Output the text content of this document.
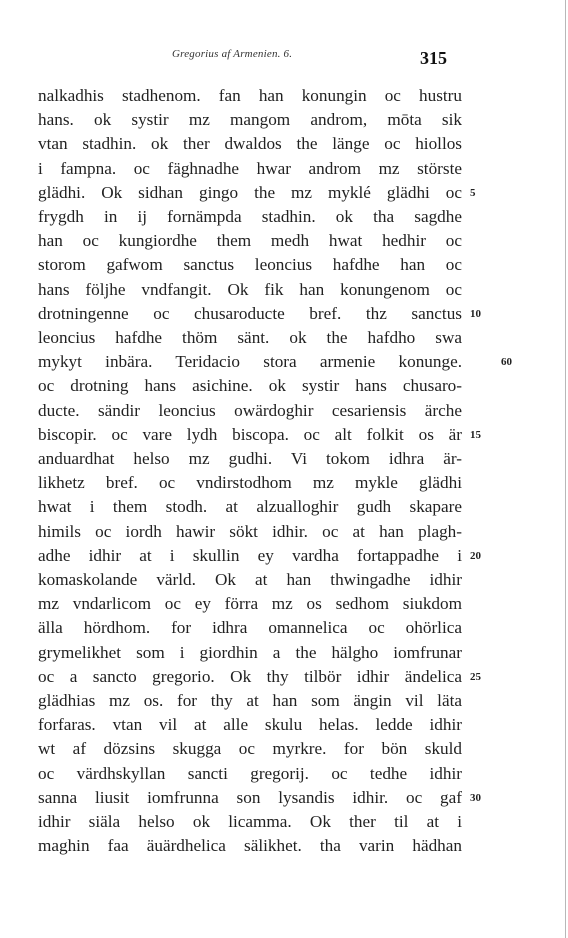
Gregorius af Armenien. 6.	315
nalkadhis stadhenom. fan han konungin oc hustru
hans. ok systir mz mangom androm, mōta sik
vtan stadhin. ok ther dwaldos the länge oc hiollos
i fampna. oc fäghnadhe hwar androm mz störste
glädhi. Ok sidhan gingo the mz myklé glädhi oc
frygdh in ij fornämpda stadhin. ok tha sagdhe
han oc kungiordhe them medh hwat hedhir oc
storom gafwom sanctus leoncius hafdhe han oc
hans följhe vndfangit. Ok fik han konungenom oc
drotningenne oc chusaroducte bref. thz sanctus
leoncius hafdhe thöm sänt. ok the hafdho swa
mykyt inbära. Teridacio stora armenie konunge.
oc drotning hans asichine. ok systir hans chusaro-
ducte. sändir leoncius owärdoghir cesariensis ärche
biscopir. oc vare lydh biscopa. oc alt folkit os är
anduardhat helso mz gudhi. Vi tokom idhra är-
likhetz bref. oc vndirstodhom mz mykle glädhi
hwat i them stodh. at alzualloghir gudh skapare
himils oc iordh hawir sökt idhir. oc at han plagh-
adhe idhir at i skullin ey vardha fortappadhe i
komaskolande värld. Ok at han thwingadhe idhir
mz vndarlicom oc ey förra mz os sedhom siukdom
älla hördhom. for idhra omannelica oc ohörlica
grymelikhet som i giordhin a the hälgho iomfrunar
oc a sancto gregorio. Ok thy tilbör idhir ändelica
glädhias mz os. for thy at han som ängin vil läta
forfaras. vtan vil at alle skulu helas. ledde idhir
wt af dözsins skugga oc myrkre. for bön skuld
oc värdhskyllan sancti gregorij. oc tedhe idhir
sanna liusit iomfrunna son lysandis idhir. oc gaf
idhir siäla helso ok licamma. Ok ther til at i
maghin faa äuärdhelica sälikhet. tha varin hädhan
5
10
15
20
25
30
60
